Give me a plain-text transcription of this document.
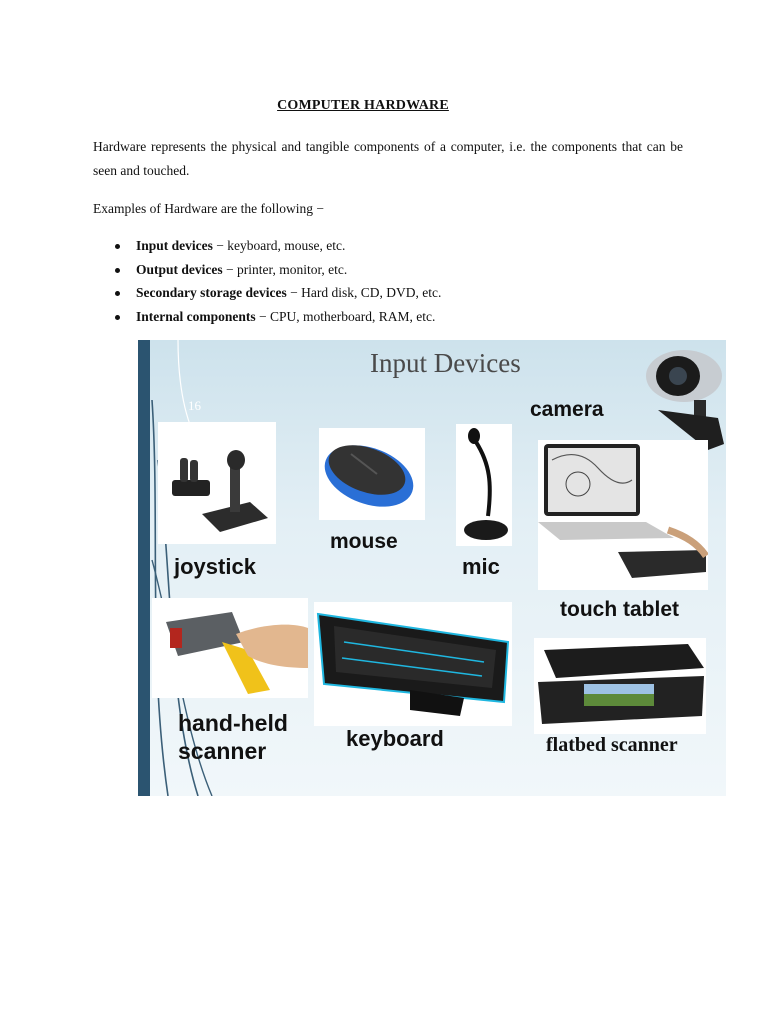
COMPUTER HARDWARE
Hardware represents the physical and tangible components of a computer, i.e. the components that can be seen and touched.
Examples of Hardware are the following −
Input devices − keyboard, mouse, etc.
Output devices − printer, monitor, etc.
Secondary storage devices − Hard disk, CD, DVD, etc.
Internal components − CPU, motherboard, RAM, etc.
16
Input Devices
camera
joystick
mouse
mic
touch tablet
hand-held
scanner	keyboard	flatbed scanner
